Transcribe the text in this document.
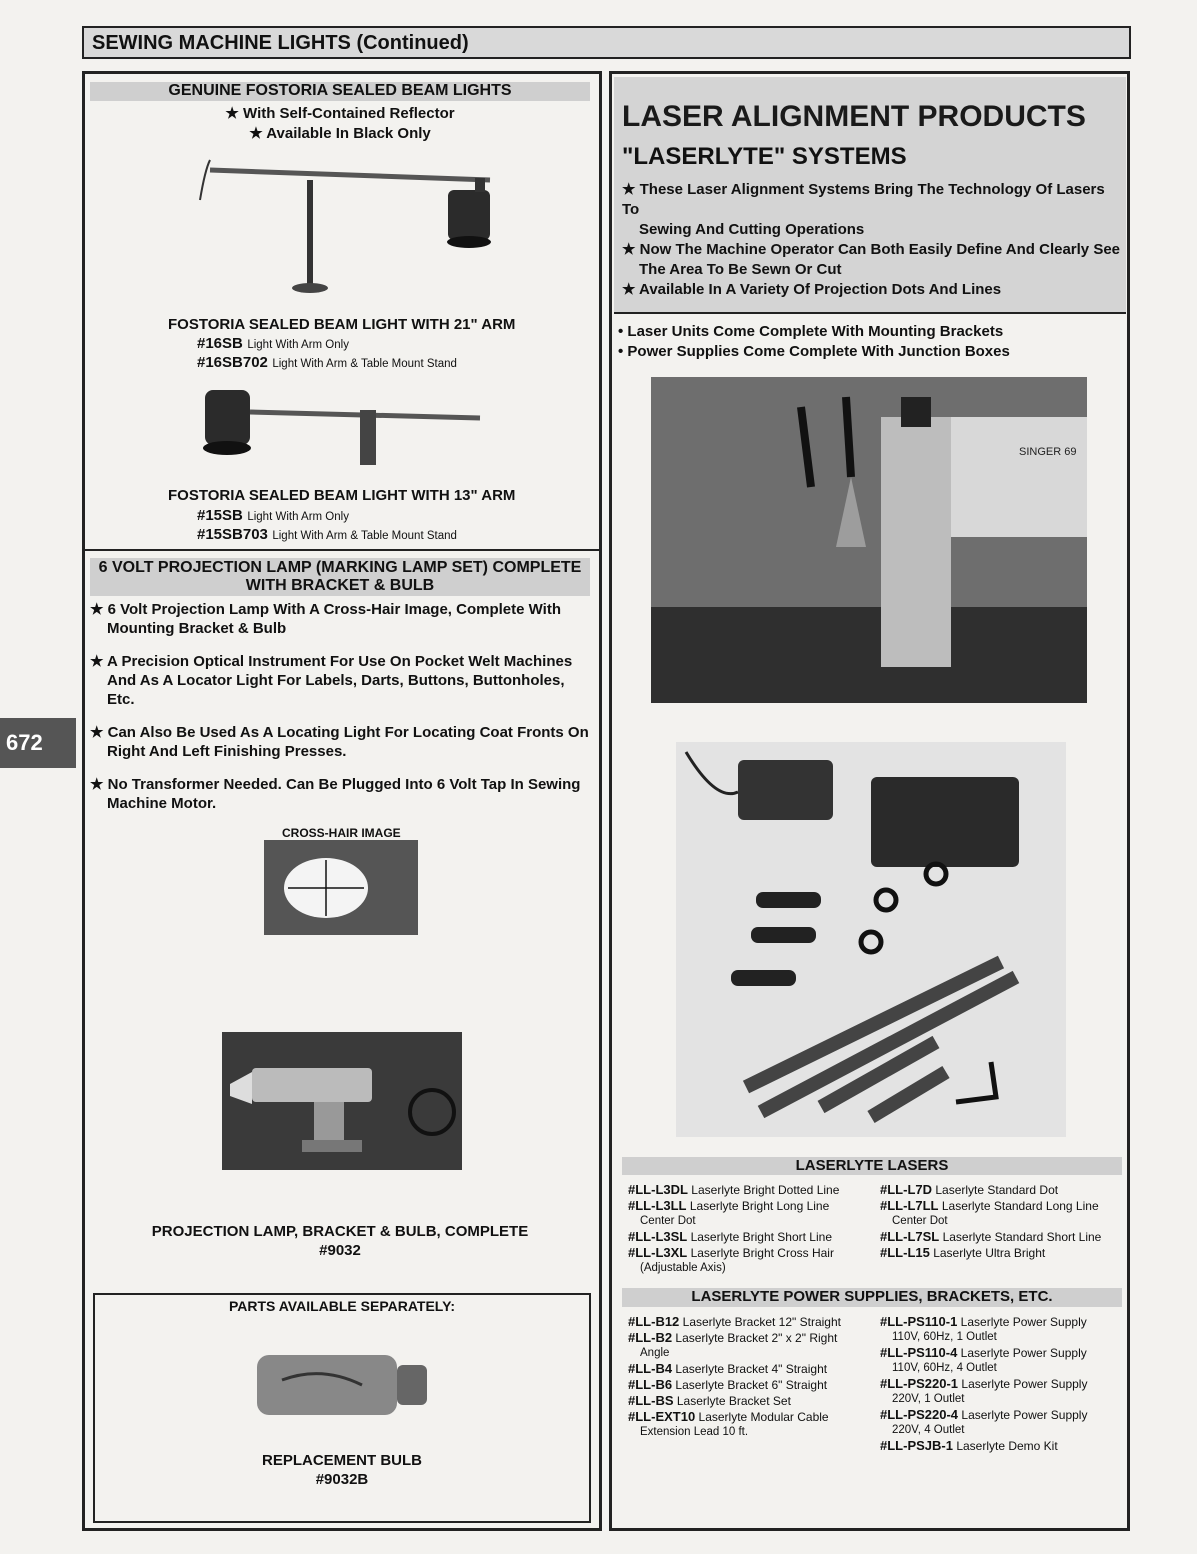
SEWING MACHINE LIGHTS (Continued)
672
GENUINE FOSTORIA SEALED BEAM LIGHTS
★ With Self-Contained Reflector
★ Available In Black Only
FOSTORIA SEALED BEAM LIGHT WITH 21" ARM
#16SB Light With Arm Only
#16SB702 Light With Arm & Table Mount Stand
FOSTORIA SEALED BEAM LIGHT WITH 13" ARM
#15SB Light With Arm Only
#15SB703 Light With Arm & Table Mount Stand
6 VOLT PROJECTION LAMP (MARKING LAMP SET) COMPLETE
WITH BRACKET & BULB
★ 6 Volt Projection Lamp With A Cross-Hair Image, Complete With
Mounting Bracket & Bulb
★ A Precision Optical Instrument For Use On Pocket Welt Machines
And As A Locator Light For Labels, Darts, Buttons, Buttonholes, Etc.
★ Can Also Be Used As A Locating Light For Locating Coat Fronts On
Right And Left Finishing Presses.
★ No Transformer Needed. Can Be Plugged Into 6 Volt Tap In Sewing
Machine Motor.
CROSS-HAIR IMAGE
PROJECTION LAMP, BRACKET & BULB, COMPLETE
#9032
PARTS AVAILABLE SEPARATELY:
REPLACEMENT BULB
#9032B
LASER ALIGNMENT PRODUCTS
"LASERLYTE" SYSTEMS
★ These Laser Alignment Systems Bring The Technology Of Lasers To
Sewing And Cutting Operations
★ Now The Machine Operator Can Both Easily Define And Clearly See
The Area To Be Sewn Or Cut
★ Available In A Variety Of Projection Dots And Lines
• Laser Units Come Complete With Mounting Brackets
• Power Supplies Come Complete With Junction Boxes
SINGER 69
LASERLYTE LASERS
#LL-L3DL Laserlyte Bright Dotted Line
#LL-L3LL Laserlyte Bright Long Line
Center Dot
#LL-L3SL Laserlyte Bright Short Line
#LL-L3XL Laserlyte Bright Cross Hair
(Adjustable Axis)
#LL-L7D Laserlyte Standard Dot
#LL-L7LL Laserlyte Standard Long Line
Center Dot
#LL-L7SL Laserlyte Standard Short Line
#LL-L15 Laserlyte Ultra Bright
LASERLYTE POWER SUPPLIES, BRACKETS, ETC.
#LL-B12 Laserlyte Bracket 12" Straight
#LL-B2 Laserlyte Bracket 2" x 2" Right
Angle
#LL-B4 Laserlyte Bracket 4" Straight
#LL-B6 Laserlyte Bracket 6" Straight
#LL-BS Laserlyte Bracket Set
#LL-EXT10 Laserlyte Modular Cable
Extension Lead 10 ft.
#LL-PS110-1 Laserlyte Power Supply
110V, 60Hz, 1 Outlet
#LL-PS110-4 Laserlyte Power Supply
110V, 60Hz, 4 Outlet
#LL-PS220-1 Laserlyte Power Supply
220V, 1 Outlet
#LL-PS220-4 Laserlyte Power Supply
220V, 4 Outlet
#LL-PSJB-1 Laserlyte Demo Kit
